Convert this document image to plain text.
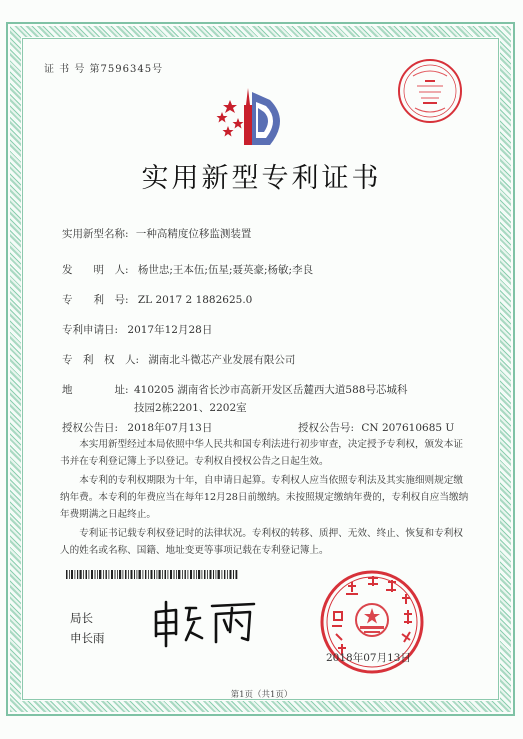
证 书 号 第7596345号
实用新型专利证书
实用新型名称: 一种高精度位移监测装置
发　　明　人: 杨世忠;王本伍;伍星;聂英豪;杨敏;李良
专　　利　号: ZL 2017 2 1882625.0
专利申请日: 2017年12月28日
专　利　权　人: 湖南北斗微芯产业发展有限公司
地　　　　址: 410205 湖南省长沙市高新开发区岳麓西大道588号芯城科
技园2栋2201、2202室
授权公告日: 2018年07月13日	授权公告号: CN 207610685 U
本实用新型经过本局依照中华人民共和国专利法进行初步审查，决定授予专利权，颁发本证书并在专利登记簿上予以登记。专利权自授权公告之日起生效。
本专利的专利权期限为十年，自申请日起算。专利权人应当依照专利法及其实施细则规定缴纳年费。本专利的年费应当在每年12月28日前缴纳。未按照规定缴纳年费的，专利权自应当缴纳年费期满之日起终止。
专利证书记载专利权登记时的法律状况。专利权的转移、质押、无效、终止、恢复和专利权人的姓名或名称、国籍、地址变更等事项记载在专利登记簿上。
局长
申长雨
2018年07月13日
第1页（共1页）
